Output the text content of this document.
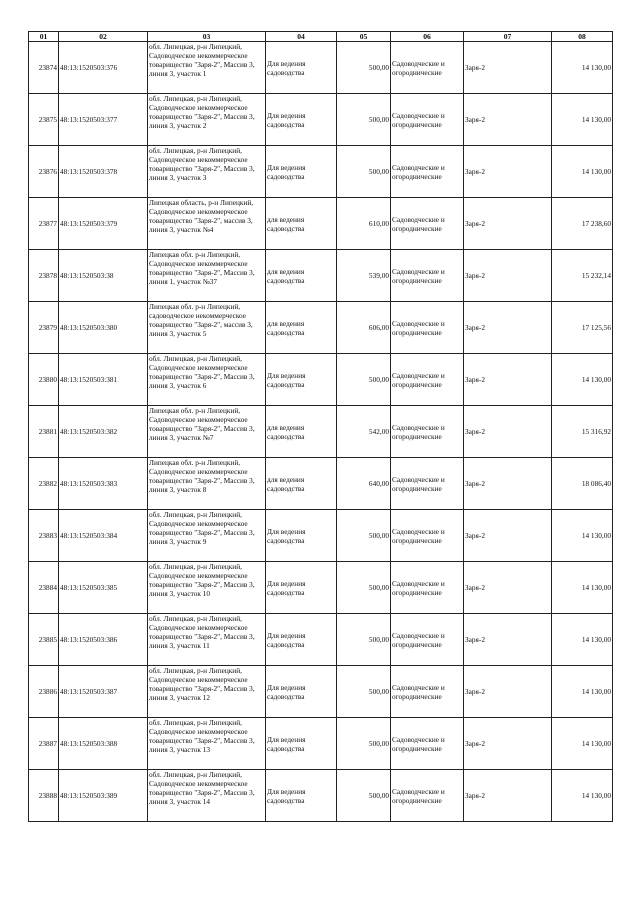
01	02	03	04	05	06	07	08
23874	48:13:1520503:376	обл. Липецкая, р-н Липецкий, Садоводческое некоммерческое товарищество "Заря-2", Массив 3, линия 3, участок 1	Для ведения садоводства	500,00	Садоводческие и огороднические	Заря-2	14 130,00
23875	48:13:1520503:377	обл. Липецкая, р-н Липецкий, Садоводческое некоммерческое товарищество "Заря-2", Массив 3, линия 3, участок 2	Для ведения садоводства	500,00	Садоводческие и огороднические	Заря-2	14 130,00
23876	48:13:1520503:378	обл. Липецкая, р-н Липецкий, Садоводческое некоммерческое товарищество "Заря-2", Массив 3, линия 3, участок 3	Для ведения садоводства	500,00	Садоводческие и огороднические	Заря-2	14 130,00
23877	48:13:1520503:379	Липецкая область, р-н Липецкий, Садоводческое некоммерческое товарищество "Заря-2", массив 3, линия 3, участок №4	для ведения садоводства	610,00	Садоводческие и огороднические	Заря-2	17 238,60
23878	48:13:1520503:38	Липецкая обл. р-н Липецкий, Садоводческое некоммерческое товарищество "Заря-2", Массив 3, линия 1, участок №37	для ведения садоводства	539,00	Садоводческие и огороднические	Заря-2	15 232,14
23879	48:13:1520503:380	Липецкая обл. р-н Липецкий, садоводческое некоммерческое товарищество "Заря-2", массив 3, линия 3, участок 5	для ведения садоводства	606,00	Садоводческие и огороднические	Заря-2	17 125,56
23880	48:13:1520503:381	обл. Липецкая, р-н Липецкий, Садоводческое некоммерческое товарищество "Заря-2", Массив 3, линия 3, участок 6	Для ведения садоводства	500,00	Садоводческие и огороднические	Заря-2	14 130,00
23881	48:13:1520503:382	Липецкая обл. р-н Липецкий, Садоводческое некоммерческое товарищество "Заря-2", Массив 3, линия 3, участок №7	для ведения садоводства	542,00	Садоводческие и огороднические	Заря-2	15 316,92
23882	48:13:1520503:383	Липецкая обл. р-н Липецкий, Садоводческое некоммерческое товарищество "Заря-2", Массив 3, линия 3, участок 8	для ведения садоводства	640,00	Садоводческие и огороднические	Заря-2	18 086,40
23883	48:13:1520503:384	обл. Липецкая, р-н Липецкий, Садоводческое некоммерческое товарищество "Заря-2", Массив 3, линия 3, участок 9	Для ведения садоводства	500,00	Садоводческие и огороднические	Заря-2	14 130,00
23884	48:13:1520503:385	обл. Липецкая, р-н Липецкий, Садоводческое некоммерческое товарищество "Заря-2", Массив 3, линия 3, участок 10	Для ведения садоводства	500,00	Садоводческие и огороднические	Заря-2	14 130,00
23885	48:13:1520503:386	обл. Липецкая, р-н Липецкий, Садоводческое некоммерческое товарищество "Заря-2", Массив 3, линия 3, участок 11	Для ведения садоводства	500,00	Садоводческие и огороднические	Заря-2	14 130,00
23886	48:13:1520503:387	обл. Липецкая, р-н Липецкий, Садоводческое некоммерческое товарищество "Заря-2", Массив 3, линия 3, участок 12	Для ведения садоводства	500,00	Садоводческие и огороднические	Заря-2	14 130,00
23887	48:13:1520503:388	обл. Липецкая, р-н Липецкий, Садоводческое некоммерческое товарищество "Заря-2", Массив 3, линия 3, участок 13	Для ведения садоводства	500,00	Садоводческие и огороднические	Заря-2	14 130,00
23888	48:13:1520503:389	обл. Липецкая, р-н Липецкий, Садоводческое некоммерческое товарищество "Заря-2", Массив 3, линия 3, участок 14	Для ведения садоводства	500,00	Садоводческие и огороднические	Заря-2	14 130,00
